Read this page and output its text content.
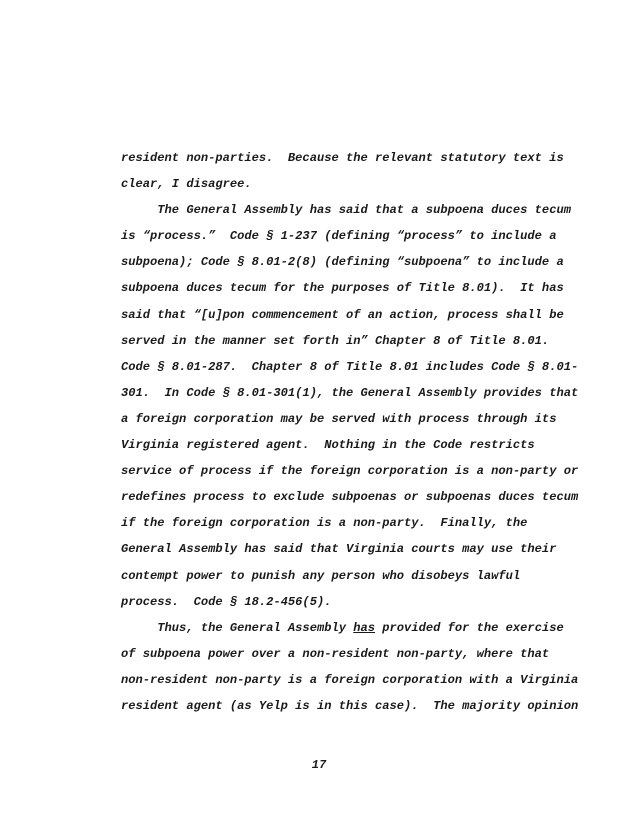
resident non-parties.  Because the relevant statutory text is
clear, I disagree.
The General Assembly has said that a subpoena duces tecum
is “process.”  Code § 1-237 (defining “process” to include a
subpoena); Code § 8.01-2(8) (defining “subpoena” to include a
subpoena duces tecum for the purposes of Title 8.01).  It has
said that “[u]pon commencement of an action, process shall be
served in the manner set forth in” Chapter 8 of Title 8.01.
Code § 8.01-287.  Chapter 8 of Title 8.01 includes Code § 8.01-
301.  In Code § 8.01-301(1), the General Assembly provides that
a foreign corporation may be served with process through its
Virginia registered agent.  Nothing in the Code restricts
service of process if the foreign corporation is a non-party or
redefines process to exclude subpoenas or subpoenas duces tecum
if the foreign corporation is a non-party.  Finally, the
General Assembly has said that Virginia courts may use their
contempt power to punish any person who disobeys lawful
process.  Code § 18.2-456(5).
Thus, the General Assembly has provided for the exercise
of subpoena power over a non-resident non-party, where that
non-resident non-party is a foreign corporation with a Virginia
resident agent (as Yelp is in this case).  The majority opinion
17
